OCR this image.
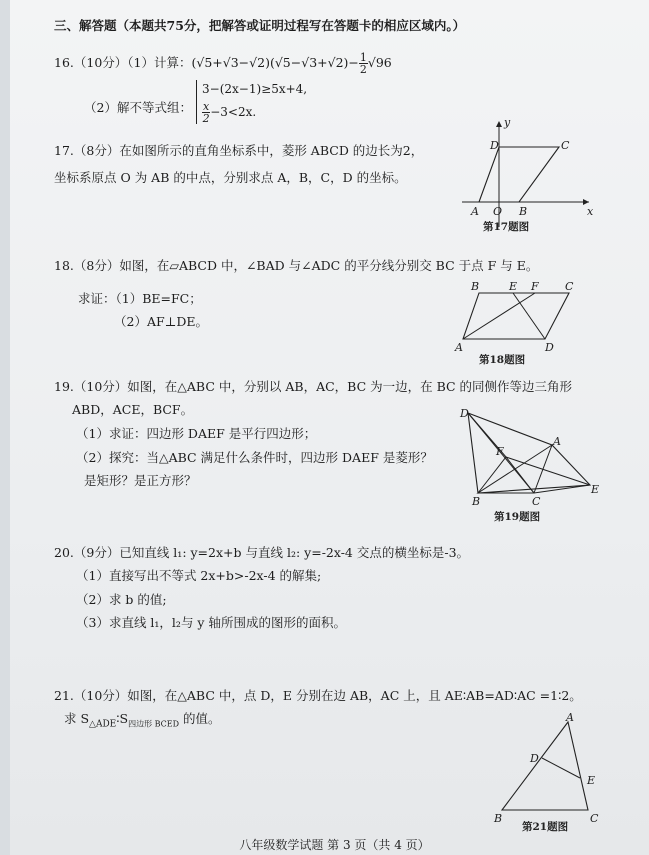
三、解答题（本题共75分，把解答或证明过程写在答题卡的相应区域内。）
16.（10分）（1）计算：$(√5+√3-√2)(√5-√3+√2)- \frac{1}{2} √96$
（2）解不等式组：
3−(2x−1)≥5x+4,
$\frac{x}{2} -3<2x$.
17.（8分）在如图所示的直角坐标系中，菱形 ABCD 的边长为2，
坐标系原点 O 为 AB 的中点，分别求点 A，B，C，D 的坐标。
y
x
D	C
A O B
第17题图
18.（8分）如图，在▱ABCD 中，∠BAD 与∠ADC 的平分线分别交 BC 于点 F 与 E。
求证：（1）BE=FC；
（2）AF⊥DE。
B	E F C
A	D
第18题图
19.（10分）如图，在△ABC 中，分别以 AB，AC，BC 为一边，在 BC 的同侧作等边三角形
ABD，ACE，BCF。
（1）求证：四边形 DAEF 是平行四边形；
（2）探究：当△ABC 满足什么条件时，四边形 DAEF 是菱形？
是矩形？是正方形？
D
F
A
E
B	C
第19题图
20.（9分）已知直线 l₁: y=2x+b 与直线 l₂: y=-2x-4 交点的横坐标是-3。
（1）直接写出不等式 2x+b>-2x-4 的解集;
（2）求 b 的值;
（3）求直线 l₁，l₂与 y 轴所围成的图形的面积。
21.（10分）如图，在△ABC 中，点 D，E 分别在边 AB，AC 上，且 AE∶AB=AD∶AC =1∶2。
求 $S_{\triangle ADE}∶S_{四边形 BCED}$ 的值。	A
D
E
B	C
第21题图
八年级数学试题 第 3 页（共 4 页）
